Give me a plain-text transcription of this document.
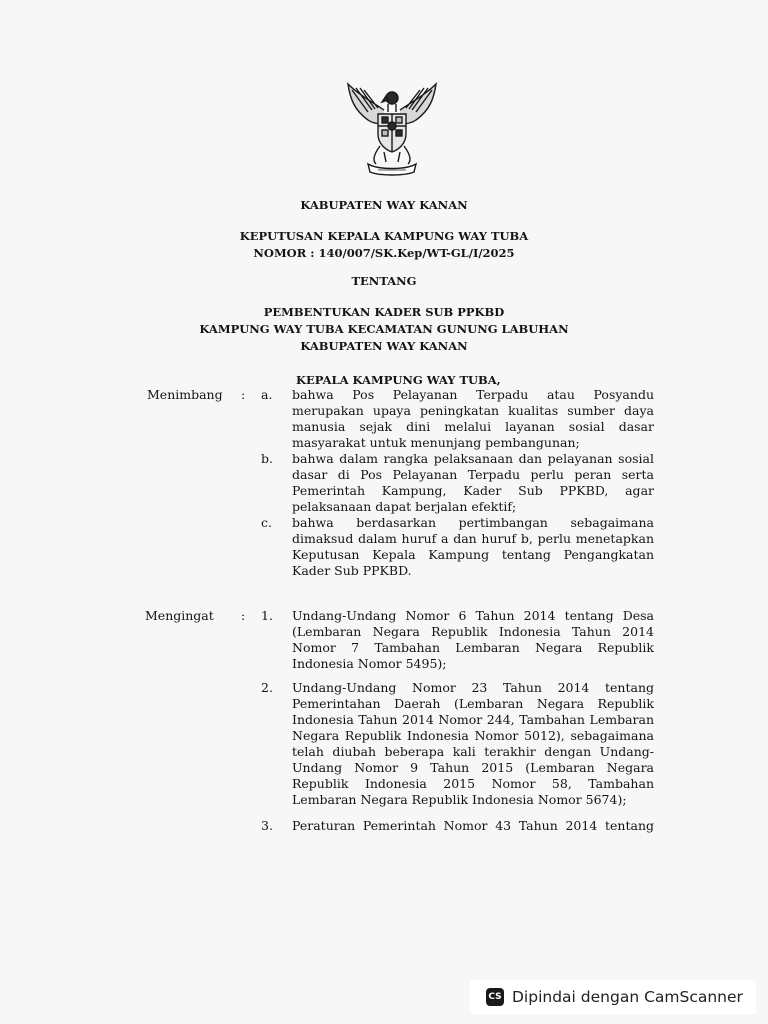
KABUPATEN WAY KANAN
KEPUTUSAN KEPALA KAMPUNG WAY TUBA
NOMOR : 140/007/SK.Kep/WT-GL/I/2025
TENTANG
PEMBENTUKAN KADER SUB PPKBD
KAMPUNG WAY TUBA KECAMATAN GUNUNG LABUHAN
KABUPATEN WAY KANAN
KEPALA KAMPUNG WAY TUBA,
Menimbang : a. bahwa Pos Pelayanan Terpadu atau Posyandu
merupakan upaya peningkatan kualitas sumber daya
manusia sejak dini melalui layanan sosial dasar
masyarakat untuk menunjang pembangunan;
b. bahwa dalam rangka pelaksanaan dan pelayanan sosial
dasar di Pos Pelayanan Terpadu perlu peran serta
Pemerintah Kampung, Kader Sub PPKBD, agar
pelaksanaan dapat berjalan efektif;
c. bahwa berdasarkan pertimbangan sebagaimana
dimaksud dalam huruf a dan huruf b, perlu menetapkan
Keputusan Kepala Kampung tentang Pengangkatan
Kader Sub PPKBD.
Mengingat : 1. Undang-Undang Nomor 6 Tahun 2014 tentang Desa
(Lembaran Negara Republik Indonesia Tahun 2014
Nomor 7 Tambahan Lembaran Negara Republik
Indonesia Nomor 5495);
2. Undang-Undang Nomor 23 Tahun 2014 tentang
Pemerintahan Daerah (Lembaran Negara Republik
Indonesia Tahun 2014 Nomor 244, Tambahan Lembaran
Negara Republik Indonesia Nomor 5012), sebagaimana
telah diubah beberapa kali terakhir dengan Undang-
Undang Nomor 9 Tahun 2015 (Lembaran Negara
Republik Indonesia 2015 Nomor 58, Tambahan
Lembaran Negara Republik Indonesia Nomor 5674);
3. Peraturan Pemerintah Nomor 43 Tahun 2014 tentang
CS Dipindai dengan CamScanner
